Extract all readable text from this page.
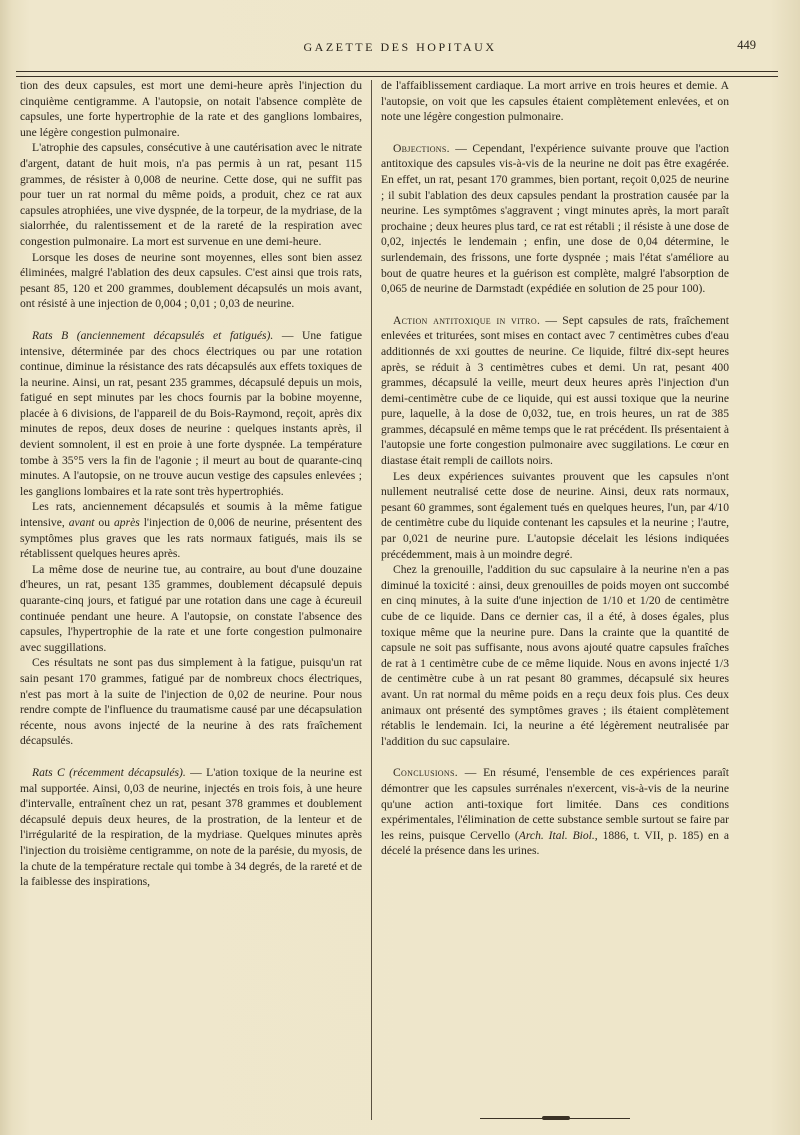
GAZETTE DES HOPITAUX	449

tion des deux capsules, est mort une demi-heure après l'injection du cinquième centigramme. A l'autopsie, on notait l'absence complète de capsules, une forte hypertrophie de la rate et des ganglions lombaires, une légère congestion pulmonaire.

L'atrophie des capsules, consécutive à une cautérisation avec le nitrate d'argent, datant de huit mois, n'a pas permis à un rat, pesant 115 grammes, de résister à 0,008 de neurine. Cette dose, qui ne suffit pas pour tuer un rat normal du même poids, a produit, chez ce rat aux capsules atrophiées, une vive dyspnée, de la torpeur, de la mydriase, de la sialorrhée, du ralentissement et de la rareté de la respiration avec congestion pulmonaire. La mort est survenue en une demi-heure.

Lorsque les doses de neurine sont moyennes, elles sont bien assez éliminées, malgré l'ablation des deux capsules. C'est ainsi que trois rats, pesant 85, 120 et 200 grammes, doublement décapsulés un mois avant, ont résisté à une injection de 0,004 ; 0,01 ; 0,03 de neurine.

Rats B (anciennement décapsulés et fatigués). — Une fatigue intensive, déterminée par des chocs électriques ou par une rotation continue, diminue la résistance des rats décapsulés aux effets toxiques de la neurine. Ainsi, un rat, pesant 235 grammes, décapsulé depuis un mois, fatigué en sept minutes par les chocs fournis par la bobine moyenne, placée à 6 divisions, de l'appareil de du Bois-Raymond, reçoit, après dix minutes de repos, deux doses de neurine : quelques instants après, il devient somnolent, il est en proie à une forte dyspnée. La température tombe à 35°5 vers la fin de l'agonie ; il meurt au bout de quarante-cinq minutes. A l'autopsie, on ne trouve aucun vestige des capsules enlevées ; les ganglions lombaires et la rate sont très hypertrophiés.

Les rats, anciennement décapsulés et soumis à la même fatigue intensive, avant ou après l'injection de 0,006 de neurine, présentent des symptômes plus graves que les rats normaux fatigués, mais ils se rétablissent quelques heures après.

La même dose de neurine tue, au contraire, au bout d'une douzaine d'heures, un rat, pesant 135 grammes, doublement décapsulé depuis quarante-cinq jours, et fatigué par une rotation dans une cage à écureuil continuée pendant une heure. A l'autopsie, on constate l'absence des capsules, l'hypertrophie de la rate et une forte congestion pulmonaire avec suggillations.

Ces résultats ne sont pas dus simplement à la fatigue, puisqu'un rat sain pesant 170 grammes, fatigué par de nombreux chocs électriques, n'est pas mort à la suite de l'injection de 0,02 de neurine. Pour nous rendre compte de l'influence du traumatisme causé par une décapsulation récente, nous avons injecté de la neurine à des rats fraîchement décapsulés.

Rats C (récemment décapsulés). — L'ation toxique de la neurine est mal supportée. Ainsi, 0,03 de neurine, injectés en trois fois, à une heure d'intervalle, entraînent chez un rat, pesant 378 grammes et doublement décapsulé depuis deux heures, de la prostration, de la lenteur et de l'irrégularité de la respiration, de la mydriase. Quelques minutes après l'injection du troisième centigramme, on note de la parésie, du myosis, de la chute de la température rectale qui tombe à 34 degrés, de la rareté et de la faiblesse des inspirations,

de l'affaiblissement cardiaque. La mort arrive en trois heures et demie. A l'autopsie, on voit que les capsules étaient complètement enlevées, et on note une légère congestion pulmonaire.

Objections. — Cependant, l'expérience suivante prouve que l'action antitoxique des capsules vis-à-vis de la neurine ne doit pas être exagérée. En effet, un rat, pesant 170 grammes, bien portant, reçoit 0,025 de neurine ; il subit l'ablation des deux capsules pendant la prostration causée par la neurine. Les symptômes s'aggravent ; vingt minutes après, la mort paraît prochaine ; deux heures plus tard, ce rat est rétabli ; il résiste à une dose de 0,02, injectés le lendemain ; enfin, une dose de 0,04 détermine, le surlendemain, des frissons, une forte dyspnée ; mais l'état s'améliore au bout de quatre heures et la guérison est complète, malgré l'absorption de 0,065 de neurine de Darmstadt (expédiée en solution de 25 pour 100).

Action antitoxique in vitro. — Sept capsules de rats, fraîchement enlevées et triturées, sont mises en contact avec 7 centimètres cubes d'eau additionnés de xxi gouttes de neurine. Ce liquide, filtré dix-sept heures après, se réduit à 3 centimètres cubes et demi. Un rat, pesant 400 grammes, décapsulé la veille, meurt deux heures après l'injection d'un demi-centimètre cube de ce liquide, qui est aussi toxique que la neurine pure, laquelle, à la dose de 0,032, tue, en trois heures, un rat de 385 grammes, décapsulé en même temps que le rat précédent. Ils présentaient à l'autopsie une forte congestion pulmonaire avec suggilations. Le cœur en diastase était rempli de caillots noirs.

Les deux expériences suivantes prouvent que les capsules n'ont nullement neutralisé cette dose de neurine. Ainsi, deux rats normaux, pesant 60 grammes, sont également tués en quelques heures, l'un, par 4/10 de centimètre cube du liquide contenant les capsules et la neurine ; l'autre, par 0,021 de neurine pure. L'autopsie décelait les lésions indiquées précédemment, mais à un moindre degré.

Chez la grenouille, l'addition du suc capsulaire à la neurine n'en a pas diminué la toxicité : ainsi, deux grenouilles de poids moyen ont succombé en cinq minutes, à la suite d'une injection de 1/10 et 1/20 de centimètre cube de ce liquide. Dans ce dernier cas, il a été, à doses égales, plus toxique même que la neurine pure. Dans la crainte que la quantité de capsule ne soit pas suffisante, nous avons ajouté quatre capsules fraîches de rat à 1 centimètre cube de ce même liquide. Nous en avons injecté 1/3 de centimètre cube à un rat pesant 80 grammes, décapsulé six heures avant. Un rat normal du même poids en a reçu deux fois plus. Ces deux animaux ont présenté des symptômes graves ; ils étaient complètement rétablis le lendemain. Ici, la neurine a été légèrement neutralisée par l'addition du suc capsulaire.

Conclusions. — En résumé, l'ensemble de ces expériences paraît démontrer que les capsules surrénales n'exercent, vis-à-vis de la neurine qu'une action anti-toxique fort limitée. Dans ces conditions expérimentales, l'élimination de cette substance semble surtout se faire par les reins, puisque Cervello (Arch. Ital. Biol., 1886, t. VII, p. 185) en a décelé la présence dans les urines.
